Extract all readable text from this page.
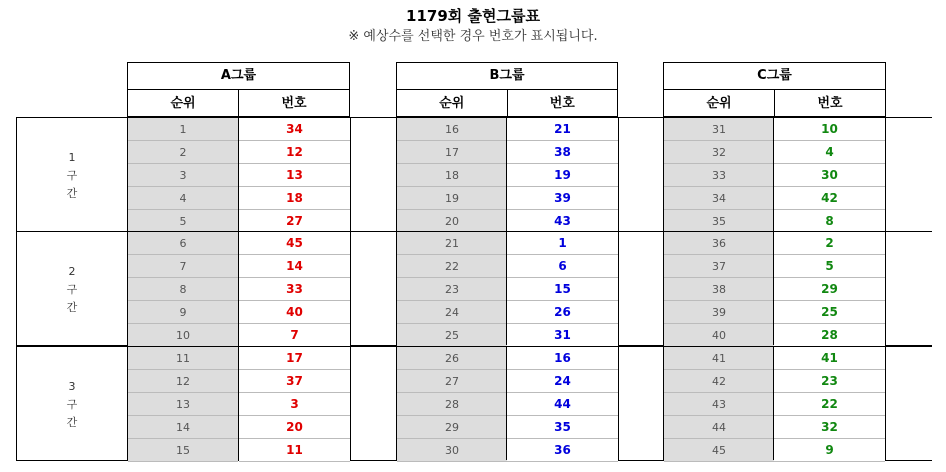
1179회 출현그룹표
※ 예상수를 선택한 경우 번호가 표시됩니다.
A그룹
순위	번호
B그룹
순위	번호
C그룹
순위	번호
1
구
간
1	34	16	21	31	10
2	12	17	38	32	4
3	13	18	19	33	30
4	18	19	39	34	42
5	27	20	43	35	8
2
구
간
6	45	21	1	36	2
7	14	22	6	37	5
8	33	23	15	38	29
9	40	24	26	39	25
10	7	25	31	40	28
3
구
간
11	17	26	16	41	41
12	37	27	24	42	23
13	3	28	44	43	22
14	20	29	35	44	32
15	11	30	36	45	9
